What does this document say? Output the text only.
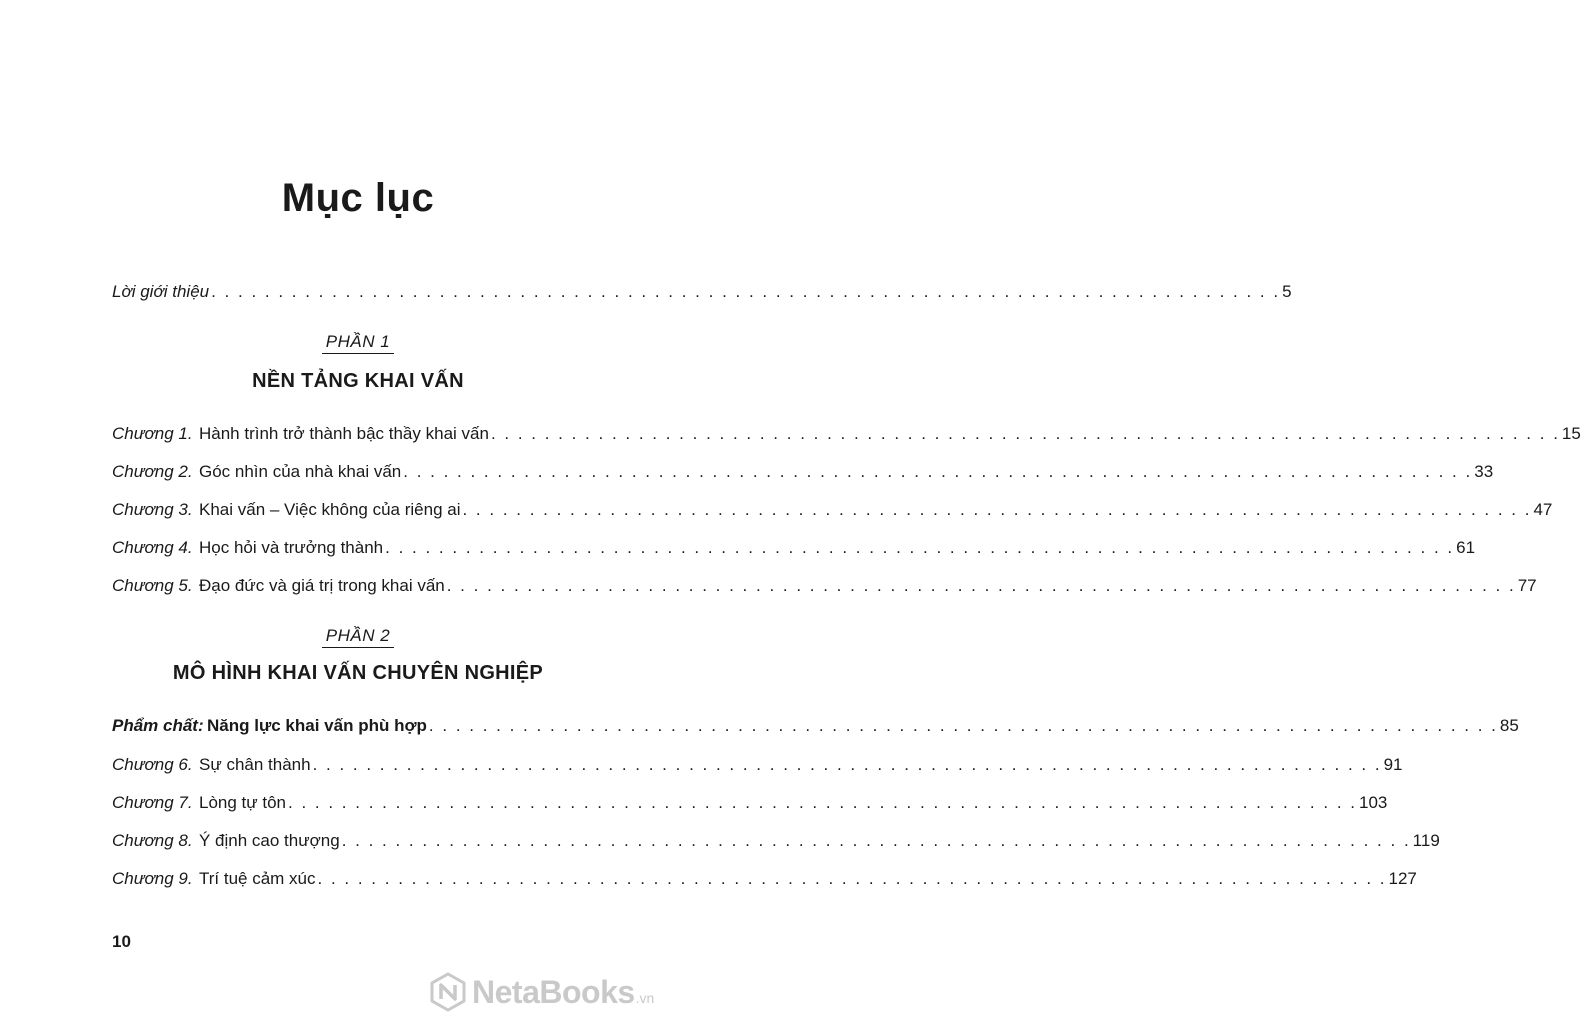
Mục lục
Lời giới thiệu . . . . . . . . . . . . . . . . . . . . . . . . . . . . . . . . . . . . . . . . . . . . . . . . . . . . . . . . . . . . . . . . . . . . . . . . . . . . . . . . 5
PHẦN 1
NỀN TẢNG KHAI VẤN
Chương 1. Hành trình trở thành bậc thầy khai vấn . . . . . . . . . . . . . . . . . . . . . . . . . . . . . . . . . . . . . . . . . . . . . . . . . . . . . . . . . . . . . . . . . . . . . . . . . . . . . . . . 15
Chương 2. Góc nhìn của nhà khai vấn . . . . . . . . . . . . . . . . . . . . . . . . . . . . . . . . . . . . . . . . . . . . . . . . . . . . . . . . . . . . . . . . . . . . . . . . . . . . . . . . 33
Chương 3. Khai vấn – Việc không của riêng ai . . . . . . . . . . . . . . . . . . . . . . . . . . . . . . . . . . . . . . . . . . . . . . . . . . . . . . . . . . . . . . . . . . . . . . . . . . . . . . . . 47
Chương 4. Học hỏi và trưởng thành . . . . . . . . . . . . . . . . . . . . . . . . . . . . . . . . . . . . . . . . . . . . . . . . . . . . . . . . . . . . . . . . . . . . . . . . . . . . . . . . 61
Chương 5. Đạo đức và giá trị trong khai vấn . . . . . . . . . . . . . . . . . . . . . . . . . . . . . . . . . . . . . . . . . . . . . . . . . . . . . . . . . . . . . . . . . . . . . . . . . . . . . . . . 77
PHẦN 2
MÔ HÌNH KHAI VẤN CHUYÊN NGHIỆP
Phẩm chất: Năng lực khai vấn phù hợp . . . . . . . . . . . . . . . . . . . . . . . . . . . . . . . . . . . . . . . . . . . . . . . . . . . . . . . . . . . . . . . . . . . . . . . . . . . . . . . . 85
Chương 6. Sự chân thành . . . . . . . . . . . . . . . . . . . . . . . . . . . . . . . . . . . . . . . . . . . . . . . . . . . . . . . . . . . . . . . . . . . . . . . . . . . . . . . . 91
Chương 7. Lòng tự tôn . . . . . . . . . . . . . . . . . . . . . . . . . . . . . . . . . . . . . . . . . . . . . . . . . . . . . . . . . . . . . . . . . . . . . . . . . . . . . . . . 103
Chương 8. Ý định cao thượng . . . . . . . . . . . . . . . . . . . . . . . . . . . . . . . . . . . . . . . . . . . . . . . . . . . . . . . . . . . . . . . . . . . . . . . . . . . . . . . . 119
Chương 9. Trí tuệ cảm xúc . . . . . . . . . . . . . . . . . . . . . . . . . . . . . . . . . . . . . . . . . . . . . . . . . . . . . . . . . . . . . . . . . . . . . . . . . . . . . . . . 127
10
NetaBooks .vn
